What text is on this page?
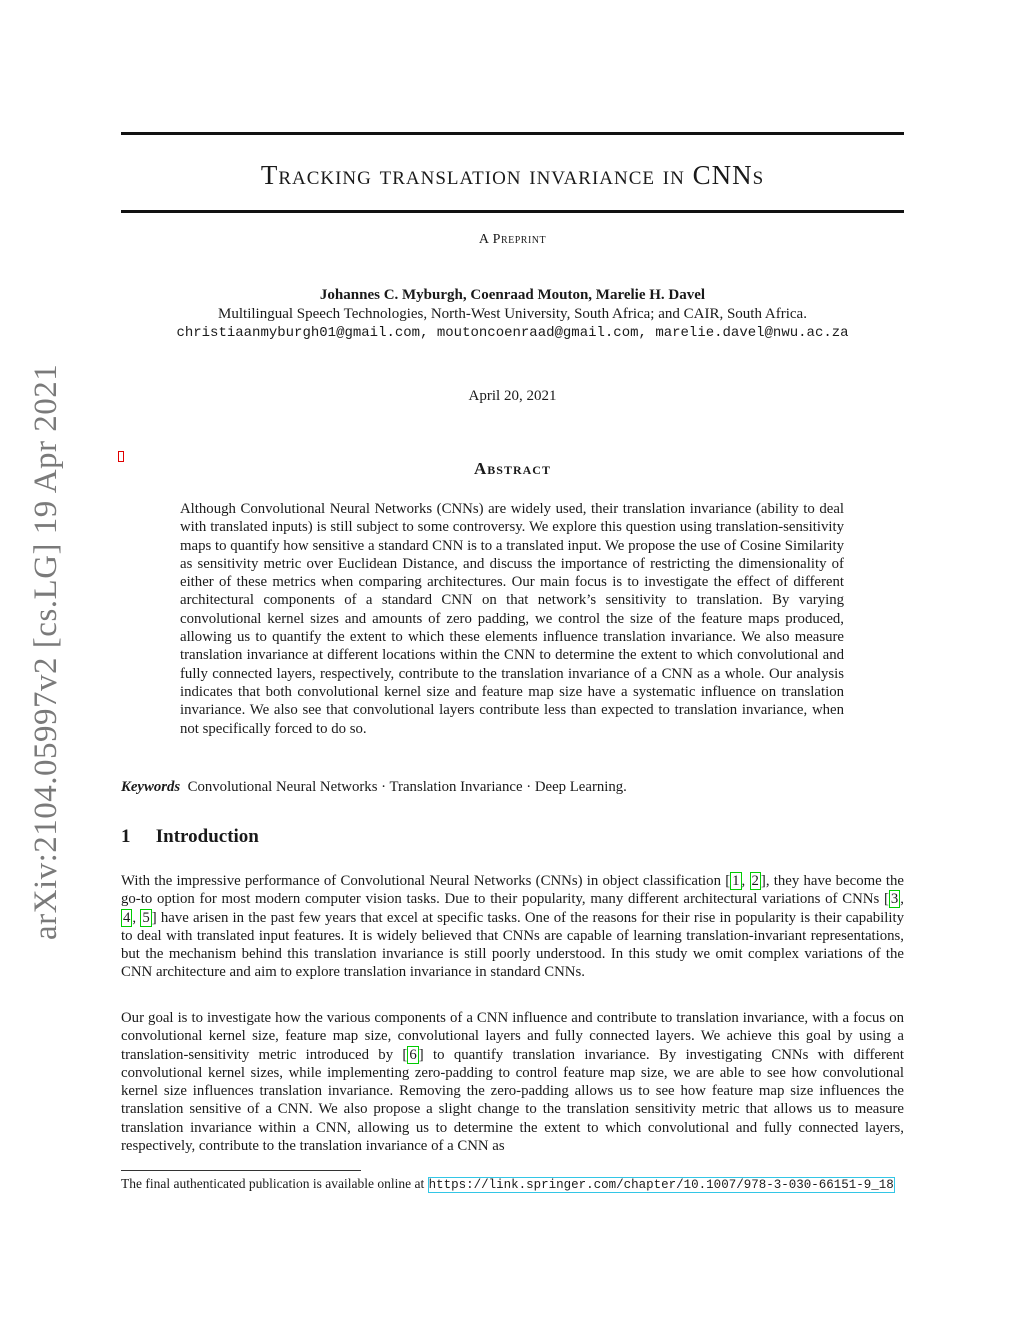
Tracking translation invariance in CNNs
A Preprint
Johannes C. Myburgh, Coenraad Mouton, Marelie H. Davel
Multilingual Speech Technologies, North-West University, South Africa; and CAIR, South Africa.
christiaanmyburgh01@gmail.com, moutoncoenraad@gmail.com, marelie.davel@nwu.ac.za
April 20, 2021
arXiv:2104.05997v2 [cs.LG] 19 Apr 2021	Abstract
Although Convolutional Neural Networks (CNNs) are widely used, their translation invariance (ability to deal with translated inputs) is still subject to some controversy. We explore this question using translation-sensitivity maps to quantify how sensitive a standard CNN is to a translated input. We propose the use of Cosine Similarity as sensitivity metric over Euclidean Distance, and discuss the importance of restricting the dimensionality of either of these metrics when comparing architectures. Our main focus is to investigate the effect of different architectural components of a standard CNN on that network’s sensitivity to translation. By varying convolutional kernel sizes and amounts of zero padding, we control the size of the feature maps produced, allowing us to quantify the extent to which these elements influence translation invariance. We also measure translation invariance at different locations within the CNN to determine the extent to which convolutional and fully connected layers, respectively, contribute to the translation invariance of a CNN as a whole. Our analysis indicates that both convolutional kernel size and feature map size have a systematic influence on translation invariance. We also see that convolutional layers contribute less than expected to translation invariance, when not specifically forced to do so.
Keywords Convolutional Neural Networks · Translation Invariance · Deep Learning.
1 Introduction
With the impressive performance of Convolutional Neural Networks (CNNs) in object classification [ 1 , 2 ], they have become the go-to option for most modern computer vision tasks. Due to their popularity, many different architectural variations of CNNs [ 3 , 4 , 5 ] have arisen in the past few years that excel at specific tasks. One of the reasons for their rise in popularity is their capability to deal with translated input features. It is widely believed that CNNs are capable of learning translation-invariant representations, but the mechanism behind this translation invariance is still poorly understood. In this study we omit complex variations of the CNN architecture and aim to explore translation invariance in standard CNNs.
Our goal is to investigate how the various components of a CNN influence and contribute to translation invariance, with a focus on convolutional kernel size, feature map size, convolutional layers and fully connected layers. We achieve this goal by using a translation-sensitivity metric introduced by [ 6 ] to quantify translation invariance. By investigating CNNs with different convolutional kernel sizes, while implementing zero-padding to control feature map size, we are able to see how convolutional kernel size influences translation invariance. Removing the zero-padding allows us to see how feature map size influences the translation sensitive of a CNN. We also propose a slight change to the translation sensitivity metric that allows us to measure translation invariance within a CNN, allowing us to determine the extent to which convolutional and fully connected layers, respectively, contribute to the translation invariance of a CNN as
The final authenticated publication is available online at https://link.springer.com/chapter/10.1007/978-3-030-66151-9_18
